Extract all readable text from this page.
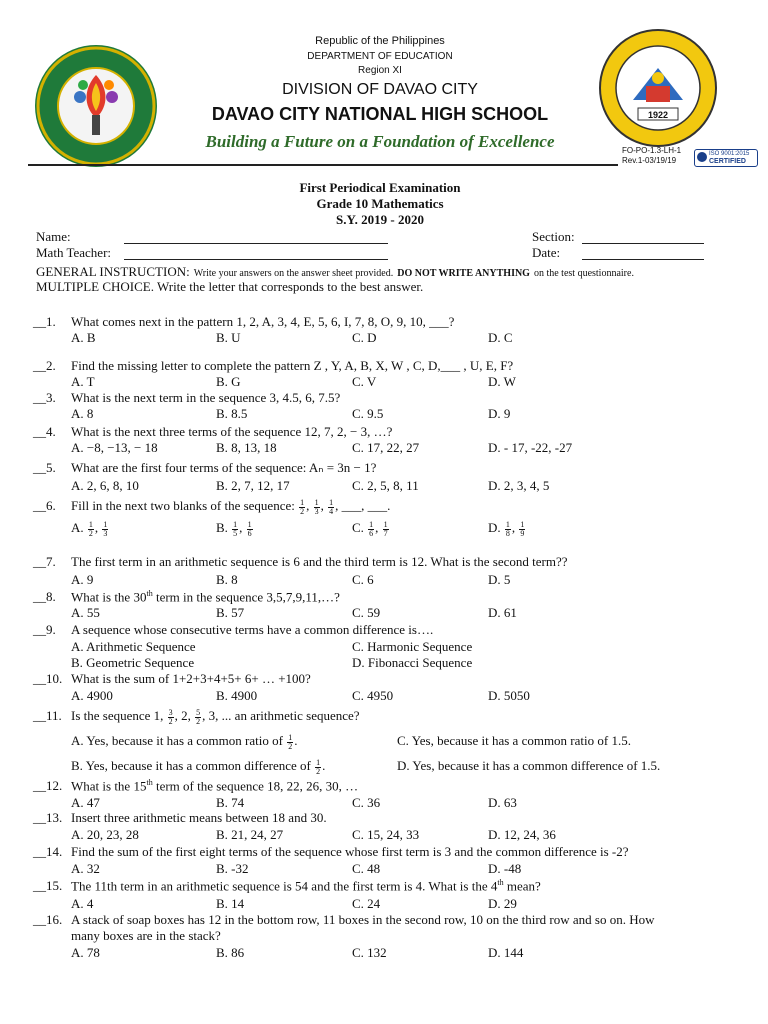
Republic of the Philippines
DEPARTMENT OF EDUCATION
Region XI
DIVISION OF DAVAO CITY
DAVAO CITY NATIONAL HIGH SCHOOL
Building a Future on a Foundation of Excellence
1922
FO-PO-1.3-LH-1
Rev.1-03/19/19
ISO 9001:2015
CERTIFIED
First Periodical Examination
Grade 10 Mathematics
S.Y. 2019 - 2020
Name:	Section:
Math Teacher:	Date:
GENERAL INSTRUCTION: Write your answers on the answer sheet provided. DO NOT WRITE ANYTHING on the test questionnaire.
MULTIPLE CHOICE. Write the letter that corresponds to the best answer.
__1. What comes next in the pattern 1, 2, A, 3, 4, E, 5, 6, I, 7, 8, O, 9, 10, ___?
A. B	B. U	C. D	D. C
__2. Find the missing letter to complete the pattern Z , Y, A, B, X, W , C, D,___ , U, E, F?
A. T	B. G	C. V	D. W
__3. What is the next term in the sequence 3, 4.5, 6, 7.5?
A. 8	B. 8.5	C. 9.5	D. 9
__4. What is the next three terms of the sequence 12, 7, 2, − 3, …?
A. −8, −13, − 18	B. 8, 13, 18	C. 17, 22, 27	D. - 17, -22, -27
__5. What are the first four terms of the sequence: Aₙ = 3n − 1?
A. 2, 6, 8, 10	B. 2, 7, 12, 17	C. 2, 5, 8, 11	D. 2, 3, 4, 5
__6. Fill in the next two blanks of the sequence: $\frac{1}{2}$ , $\frac{1}{3}$ , $\frac{1}{4}$ , ___, ___.
A. $\frac{1}{2}$ , $\frac{1}{3}$	B. $\frac{1}{5}$ , $\frac{1}{6}$	C. $\frac{1}{6}$ , $\frac{1}{7}$	D. $\frac{1}{8}$ , $\frac{1}{9}$
__7. The first term in an arithmetic sequence is 6 and the third term is 12. What is the second term??
A. 9	B. 8	C. 6	D. 5
__8. What is the 30th term in the sequence 3,5,7,9,11,…?
A. 55	B. 57	C. 59	D. 61
__9. A sequence whose consecutive terms have a common difference is….
A. Arithmetic Sequence	C. Harmonic Sequence
B. Geometric Sequence	D. Fibonacci Sequence
__10. What is the sum of 1+2+3+4+5+ 6+ … +100?
A. 4900	B. 4900	C. 4950	D. 5050
__11. Is the sequence 1, $\frac{3}{2}$ , 2, $\frac{5}{2}$ , 3, ... an arithmetic sequence?
A. Yes, because it has a common ratio of $\frac{1}{2}$ .	C. Yes, because it has a common ratio of 1.5.
B. Yes, because it has a common difference of $\frac{1}{2}$ .	D. Yes, because it has a common difference of 1.5.
__12. What is the 15th term of the sequence 18, 22, 26, 30, …
A. 47	B. 74	C. 36	D. 63
__13. Insert three arithmetic means between 18 and 30.
A. 20, 23, 28	B. 21, 24, 27	C. 15, 24, 33	D. 12, 24, 36
__14. Find the sum of the first eight terms of the sequence whose first term is 3 and the common difference is -2?
A. 32	B. -32	C. 48	D. -48
__15. The 11th term in an arithmetic sequence is 54 and the first term is 4. What is the 4th mean?
A. 4	B. 14	C. 24	D. 29
__16. A stack of soap boxes has 12 in the bottom row, 11 boxes in the second row, 10 on the third row and so on. How
many boxes are in the stack?
A. 78	B. 86	C. 132	D. 144
